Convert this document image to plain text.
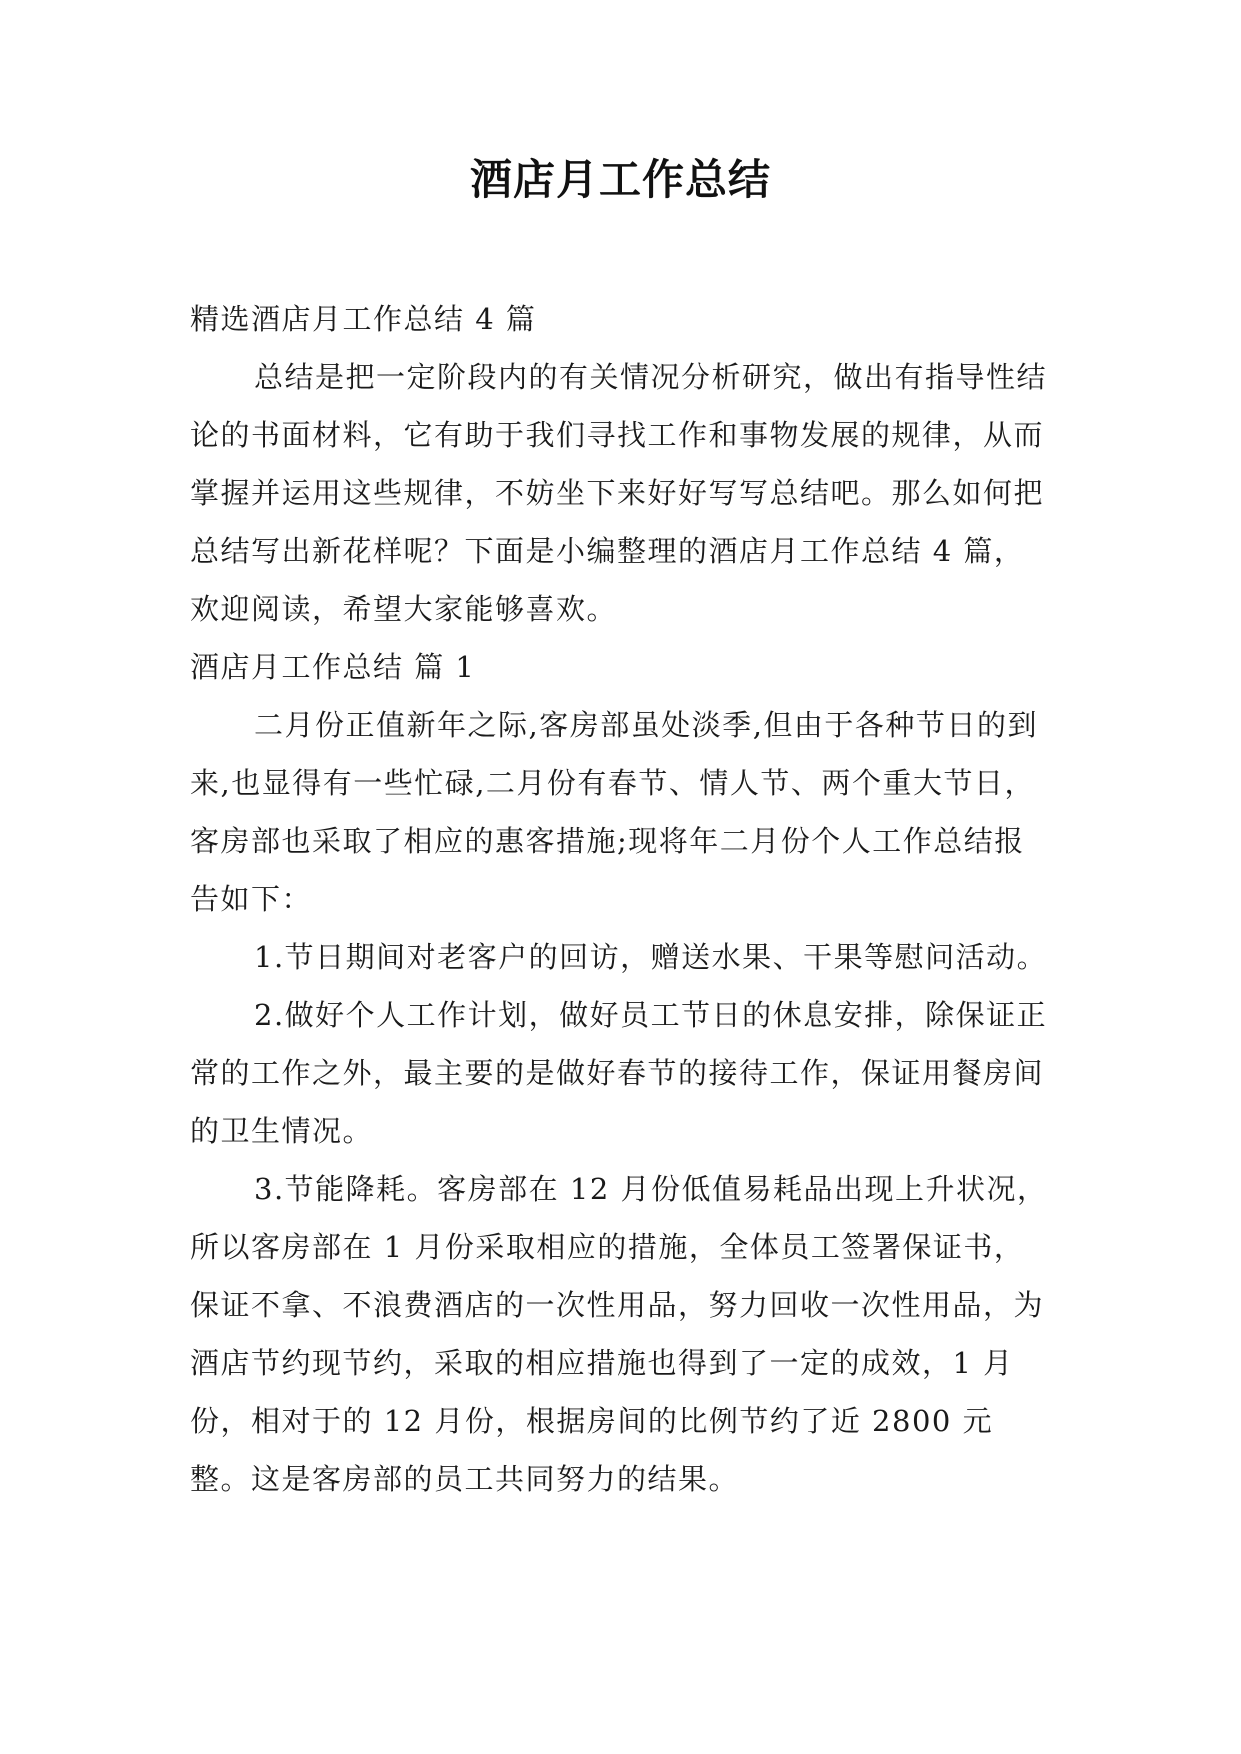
酒店月工作总结

精选酒店月工作总结 4 篇

总结是把一定阶段内的有关情况分析研究，做出有指导性结论的书面材料，它有助于我们寻找工作和事物发展的规律，从而掌握并运用这些规律，不妨坐下来好好写写总结吧。那么如何把总结写出新花样呢？下面是小编整理的酒店月工作总结 4 篇，欢迎阅读，希望大家能够喜欢。

酒店月工作总结 篇 1

二月份正值新年之际,客房部虽处淡季,但由于各种节日的到来,也显得有一些忙碌,二月份有春节、情人节、两个重大节日，客房部也采取了相应的惠客措施;现将年二月份个人工作总结报告如下：

1.节日期间对老客户的回访，赠送水果、干果等慰问活动。

2.做好个人工作计划，做好员工节日的休息安排，除保证正常的工作之外，最主要的是做好春节的接待工作，保证用餐房间的卫生情况。

3.节能降耗。客房部在 12 月份低值易耗品出现上升状况，所以客房部在 1 月份采取相应的措施，全体员工签署保证书，保证不拿、不浪费酒店的一次性用品，努力回收一次性用品，为酒店节约现节约，采取的相应措施也得到了一定的成效，1 月份，相对于的 12 月份，根据房间的比例节约了近 2800 元整。这是客房部的员工共同努力的结果。
